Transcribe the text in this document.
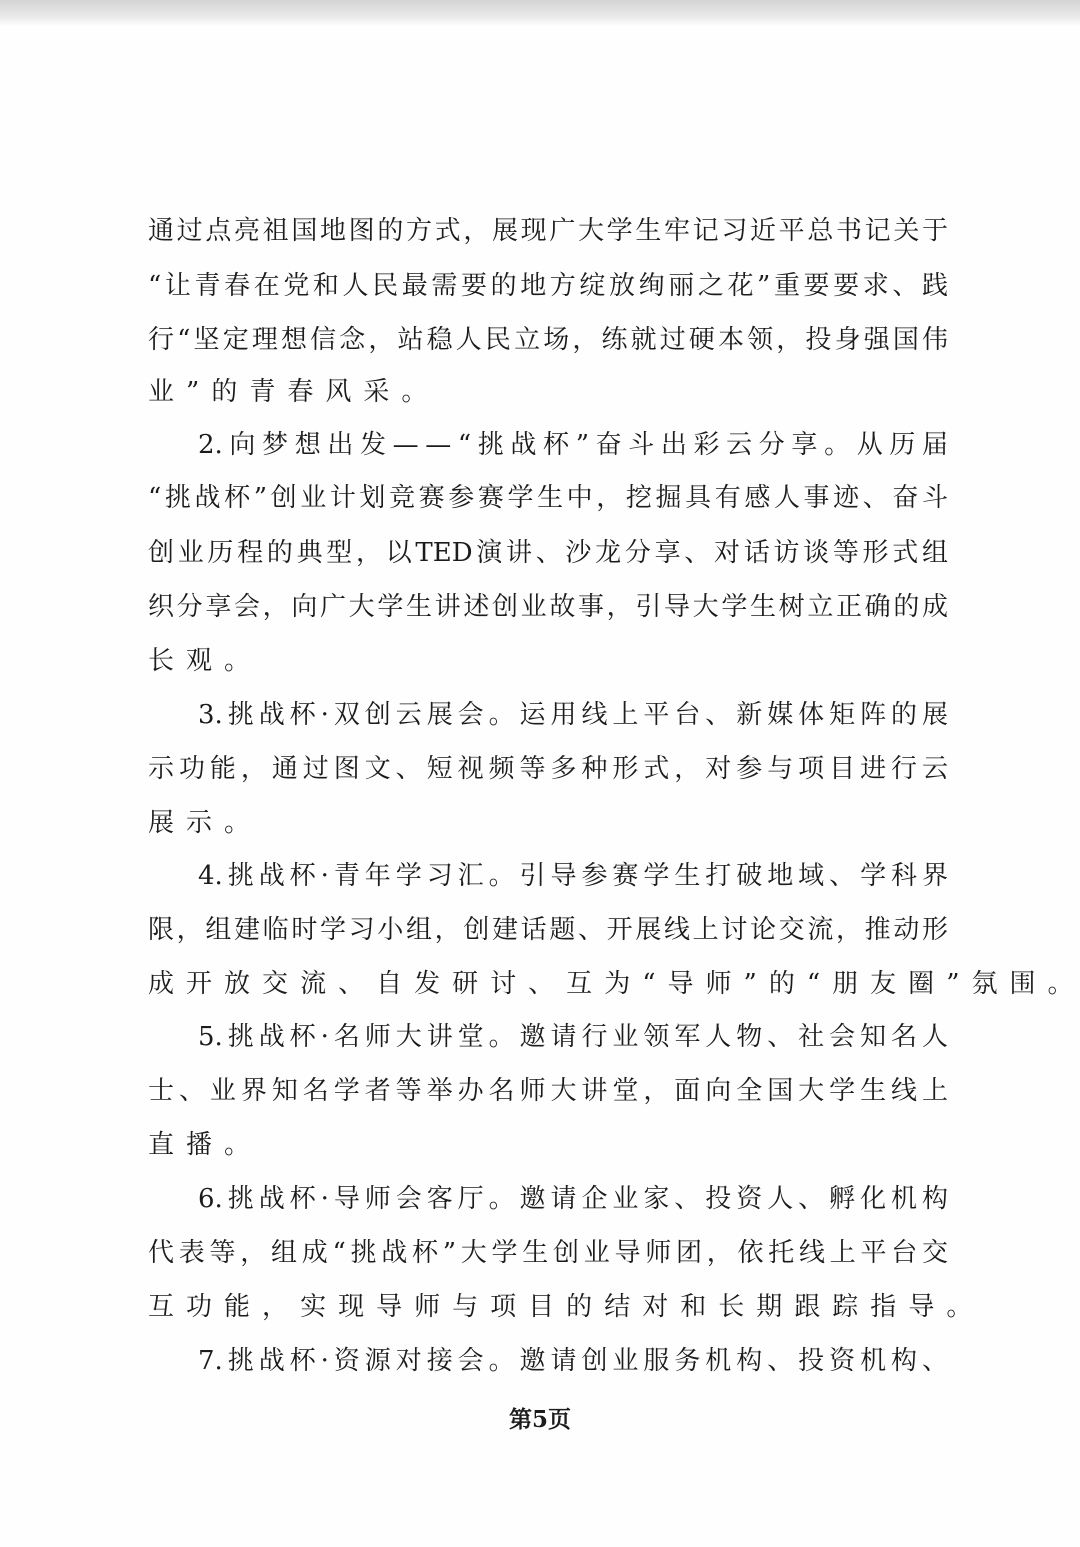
通 过 点 亮 祖 国 地 图 的 方 式 ， 展 现 广 大 学 生 牢 记 习 近 平 总 书 记 关 于
“ 让 青 春 在 党 和 人 民 最 需 要 的 地 方 绽 放 绚 丽 之 花 ” 重 要 要 求 、 践
行 “ 坚 定 理 想 信 念 ， 站 稳 人 民 立 场 ， 练 就 过 硬 本 领 ， 投 身 强 国 伟
业 ” 的 青 春 风 采 。
2. 向 梦 想 出 发 — — “ 挑 战 杯 ” 奋 斗 出 彩 云 分 享 。 从 历 届
“ 挑 战 杯 ” 创 业 计 划 竞 赛 参 赛 学 生 中 ， 挖 掘 具 有 感 人 事 迹 、 奋 斗
创 业 历 程 的 典 型 ， 以 TED 演 讲 、 沙 龙 分 享 、 对 话 访 谈 等 形 式 组
织 分 享 会 ， 向 广 大 学 生 讲 述 创 业 故 事 ， 引 导 大 学 生 树 立 正 确 的 成
长 观 。
3. 挑 战 杯 · 双 创 云 展 会 。 运 用 线 上 平 台 、 新 媒 体 矩 阵 的 展
示 功 能 ， 通 过 图 文 、 短 视 频 等 多 种 形 式 ， 对 参 与 项 目 进 行 云
展 示 。
4. 挑 战 杯 · 青 年 学 习 汇 。 引 导 参 赛 学 生 打 破 地 域 、 学 科 界
限 ， 组 建 临 时 学 习 小 组 ， 创 建 话 题 、 开 展 线 上 讨 论 交 流 ， 推 动 形
成 开 放 交 流 、 自 发 研 讨 、 互 为 “ 导 师 ” 的 “ 朋 友 圈 ” 氛 围 。
5. 挑 战 杯 · 名 师 大 讲 堂 。 邀 请 行 业 领 军 人 物 、 社 会 知 名 人
士 、 业 界 知 名 学 者 等 举 办 名 师 大 讲 堂 ， 面 向 全 国 大 学 生 线 上
直 播 。
6. 挑 战 杯 · 导 师 会 客 厅 。 邀 请 企 业 家 、 投 资 人 、 孵 化 机 构
代 表 等 ， 组 成 “ 挑 战 杯 ” 大 学 生 创 业 导 师 团 ， 依 托 线 上 平 台 交
互 功 能 ， 实 现 导 师 与 项 目 的 结 对 和 长 期 跟 踪 指 导 。
7. 挑 战 杯 · 资 源 对 接 会 。 邀 请 创 业 服 务 机 构 、 投 资 机 构 、
第5页
